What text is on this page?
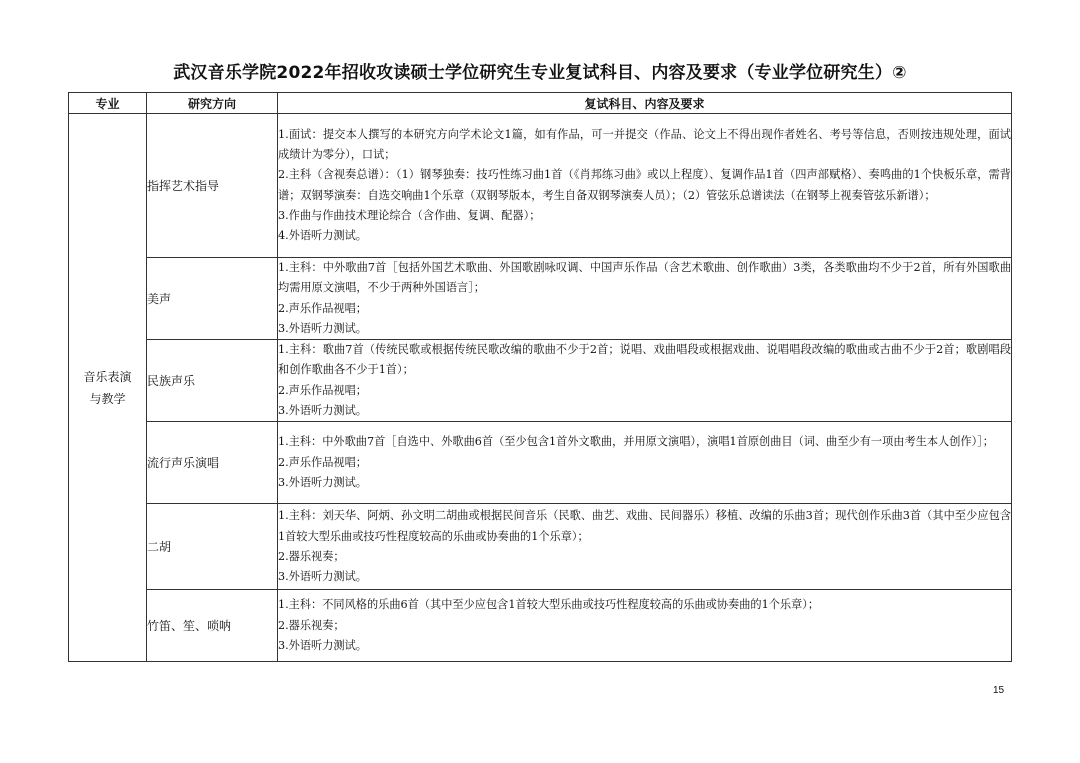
武汉音乐学院2022年招收攻读硕士学位研究生专业复试科目、内容及要求（专业学位研究生）②
专业	研究方向	复试科目、内容及要求
音乐表演与教学	指挥艺术指导	1.面试：提交本人撰写的本研究方向学术论文1篇，如有作品，可一并提交（作品、论文上不得出现作者姓名、考号等信息，否则按违规处理，面试成绩计为零分），口试；
2.主科（含视奏总谱）：（1）钢琴独奏：技巧性练习曲1首（《肖邦练习曲》或以上程度）、复调作品1首（四声部赋格）、奏鸣曲的1个快板乐章，需背谱；双钢琴演奏：自选交响曲1个乐章（双钢琴版本，考生自备双钢琴演奏人员）；（2）管弦乐总谱读法（在钢琴上视奏管弦乐新谱）；
3.作曲与作曲技术理论综合（含作曲、复调、配器）；
4.外语听力测试。

	美声	1.主科：中外歌曲7首［包括外国艺术歌曲、外国歌剧咏叹调、中国声乐作品（含艺术歌曲、创作歌曲）3类，各类歌曲均不少于2首，所有外国歌曲均需用原文演唱，不少于两种外国语言］；
2.声乐作品视唱；
3.外语听力测试。

	民族声乐	1.主科：歌曲7首（传统民歌或根据传统民歌改编的歌曲不少于2首；说唱、戏曲唱段或根据戏曲、说唱唱段改编的歌曲或古曲不少于2首；歌剧唱段和创作歌曲各不少于1首）；
2.声乐作品视唱；
3.外语听力测试。

	流行声乐演唱	1.主科：中外歌曲7首［自选中、外歌曲6首（至少包含1首外文歌曲，并用原文演唱），演唱1首原创曲目（词、曲至少有一项由考生本人创作）］；
2.声乐作品视唱；
3.外语听力测试。

	二胡	1.主科：刘天华、阿炳、孙文明二胡曲或根据民间音乐（民歌、曲艺、戏曲、民间器乐）移植、改编的乐曲3首；现代创作乐曲3首（其中至少应包含1首较大型乐曲或技巧性程度较高的乐曲或协奏曲的1个乐章）；
2.器乐视奏；
3.外语听力测试。

	竹笛、笙、唢呐	1.主科：不同风格的乐曲6首（其中至少应包含1首较大型乐曲或技巧性程度较高的乐曲或协奏曲的1个乐章）；
2.器乐视奏；
3.外语听力测试。
15
